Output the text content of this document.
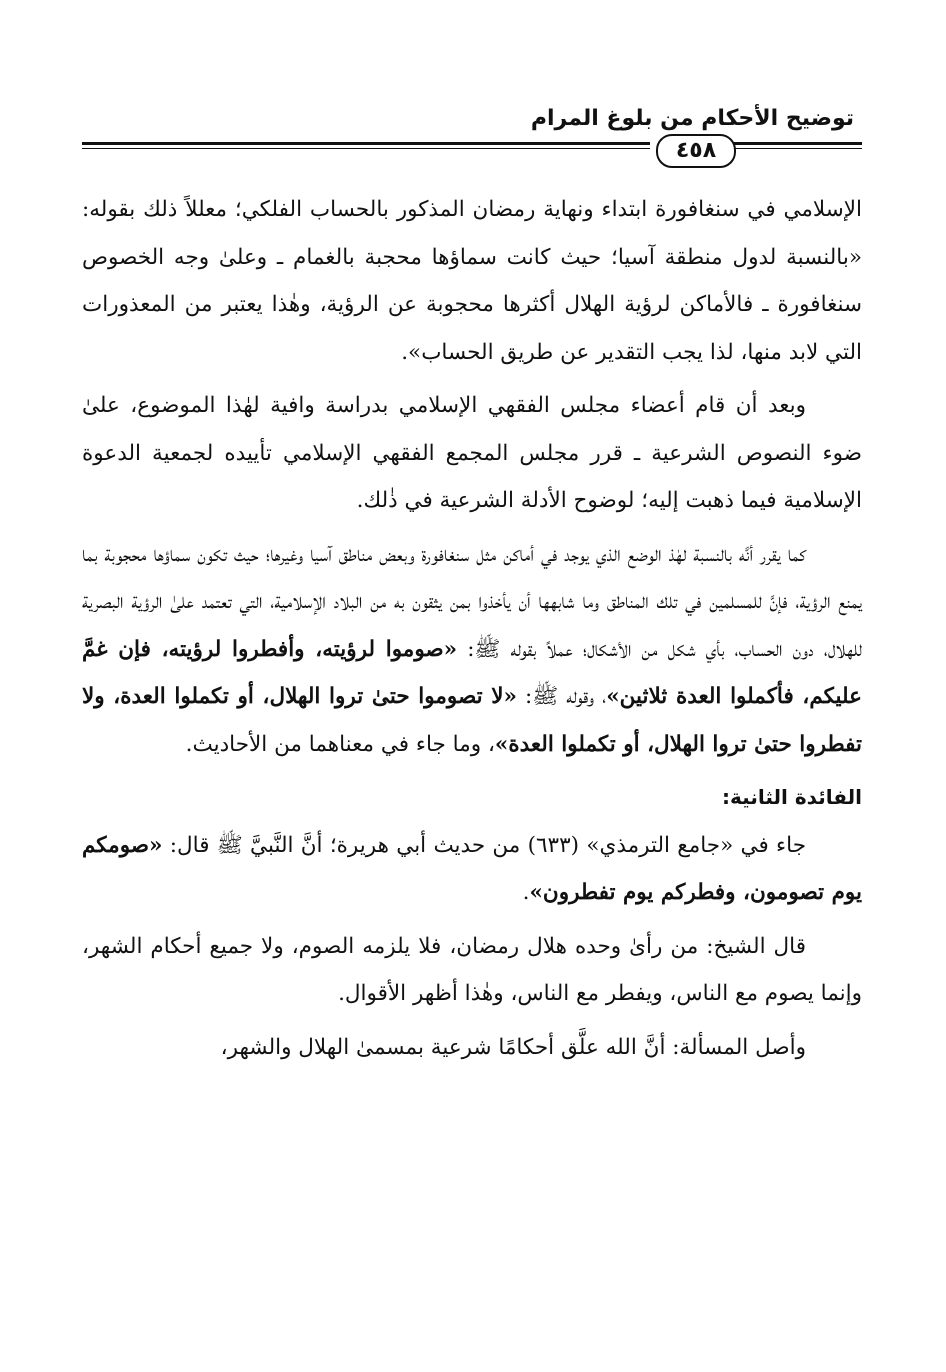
توضيح الأحكام من بلوغ المرام
٤٥٨

الإسلامي في سنغافورة ابتداء ونهاية رمضان المذكور بالحساب الفلكي؛ معللاً ذلك بقوله: «بالنسبة لدول منطقة آسيا؛ حيث كانت سماؤها محجبة بالغمام ـ وعلىٰ وجه الخصوص سنغافورة ـ فالأماكن لرؤية الهلال أكثرها محجوبة عن الرؤية، وهٰذا يعتبر من المعذورات التي لابد منها، لذا يجب التقدير عن طريق الحساب».

وبعد أن قام أعضاء مجلس الفقهي الإسلامي بدراسة وافية لهٰذا الموضوع، علىٰ ضوء النصوص الشرعية ـ قرر مجلس المجمع الفقهي الإسلامي تأييده لجمعية الدعوة الإسلامية فيما ذهبت إليه؛ لوضوح الأدلة الشرعية في ذٰلك.

كما يقرر أنَّه بالنسبة لهٰذ الوضع الذي يوجد في أماكن مثل سنغافورة وبعض مناطق آسيا وغيرها؛ حيث تكون سماؤها محجوبة بما يمنع الرؤية، فإنَّ للمسلمين في تلك المناطق وما شابهها أن يأخذوا بمن يثقون به من البلاد الإسلامية، التي تعتمد علىٰ الرؤية البصرية للهلال، دون الحساب، بأي شكل من الأشكال؛ عملاً بقوله ﷺ: «صوموا لرؤيته، وأفطروا لرؤيته، فإن غمَّ عليكم، فأكملوا العدة ثلاثين»، وقوله ﷺ: «لا تصوموا حتىٰ تروا الهلال، أو تكملوا العدة، ولا تفطروا حتىٰ تروا الهلال، أو تكملوا العدة»، وما جاء في معناهما من الأحاديث.

الفائدة الثانية:

جاء في «جامع الترمذي» (٦٣٣) من حديث أبي هريرة؛ أنَّ النَّبيَّ ﷺ قال: «صومكم يوم تصومون، وفطركم يوم تفطرون».

قال الشيخ: من رأىٰ وحده هلال رمضان، فلا يلزمه الصوم، ولا جميع أحكام الشهر، وإنما يصوم مع الناس، ويفطر مع الناس، وهٰذا أظهر الأقوال.

وأصل المسألة: أنَّ الله علَّق أحكامًا شرعية بمسمىٰ الهلال والشهر،
